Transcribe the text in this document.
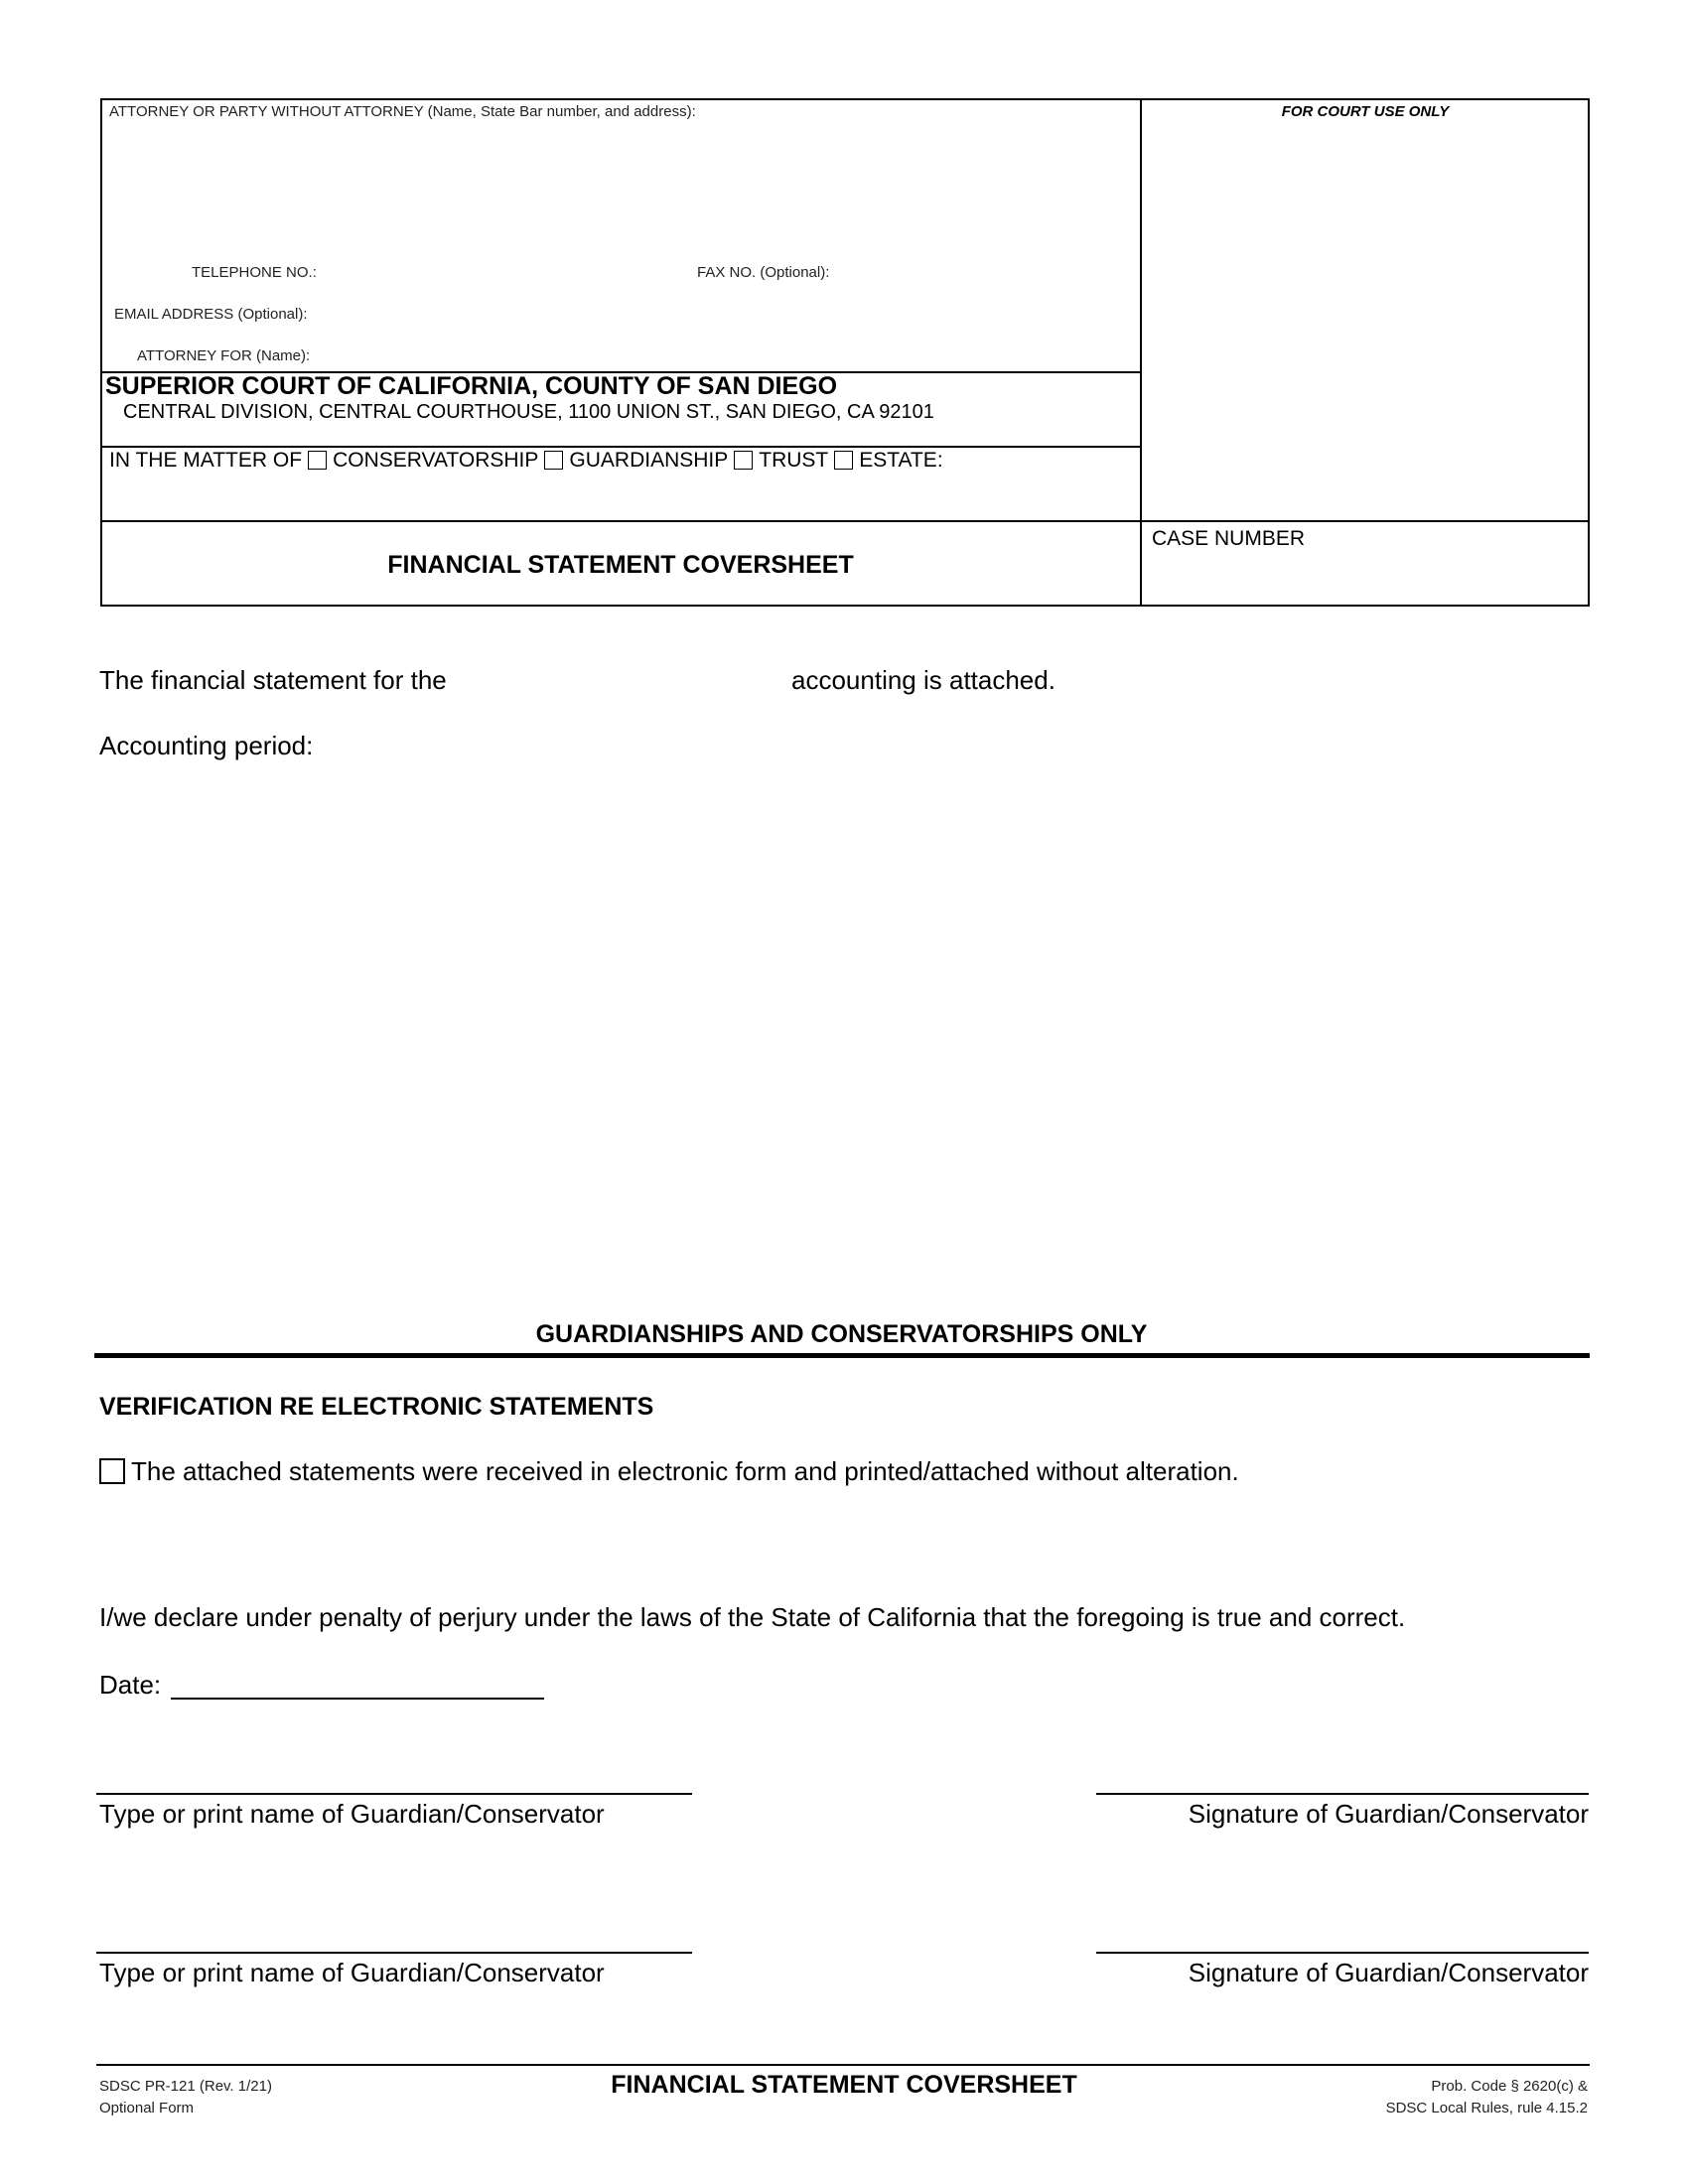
ATTORNEY OR PARTY WITHOUT ATTORNEY (Name, State Bar number, and address):	FOR COURT USE ONLY
TELEPHONE NO.:	FAX NO. (Optional):
EMAIL ADDRESS (Optional):
ATTORNEY FOR (Name):
SUPERIOR COURT OF CALIFORNIA, COUNTY OF SAN DIEGO
CENTRAL DIVISION, CENTRAL COURTHOUSE, 1100 UNION ST., SAN DIEGO, CA 92101
IN THE MATTER OF CONSERVATORSHIP GUARDIANSHIP TRUST ESTATE:
FINANCIAL STATEMENT COVERSHEET
CASE NUMBER
The financial statement for the	accounting is attached.
Accounting period:
GUARDIANSHIPS AND CONSERVATORSHIPS ONLY
VERIFICATION RE ELECTRONIC STATEMENTS
The attached statements were received in electronic form and printed/attached without alteration.
I/we declare under penalty of perjury under the laws of the State of California that the foregoing is true and correct.
Date:
Type or print name of Guardian/Conservator	Signature of Guardian/Conservator
Type or print name of Guardian/Conservator	Signature of Guardian/Conservator
SDSC PR-121 (Rev. 1/21)
Optional Form
FINANCIAL STATEMENT COVERSHEET	Prob. Code § 2620(c) &
SDSC Local Rules, rule 4.15.2
